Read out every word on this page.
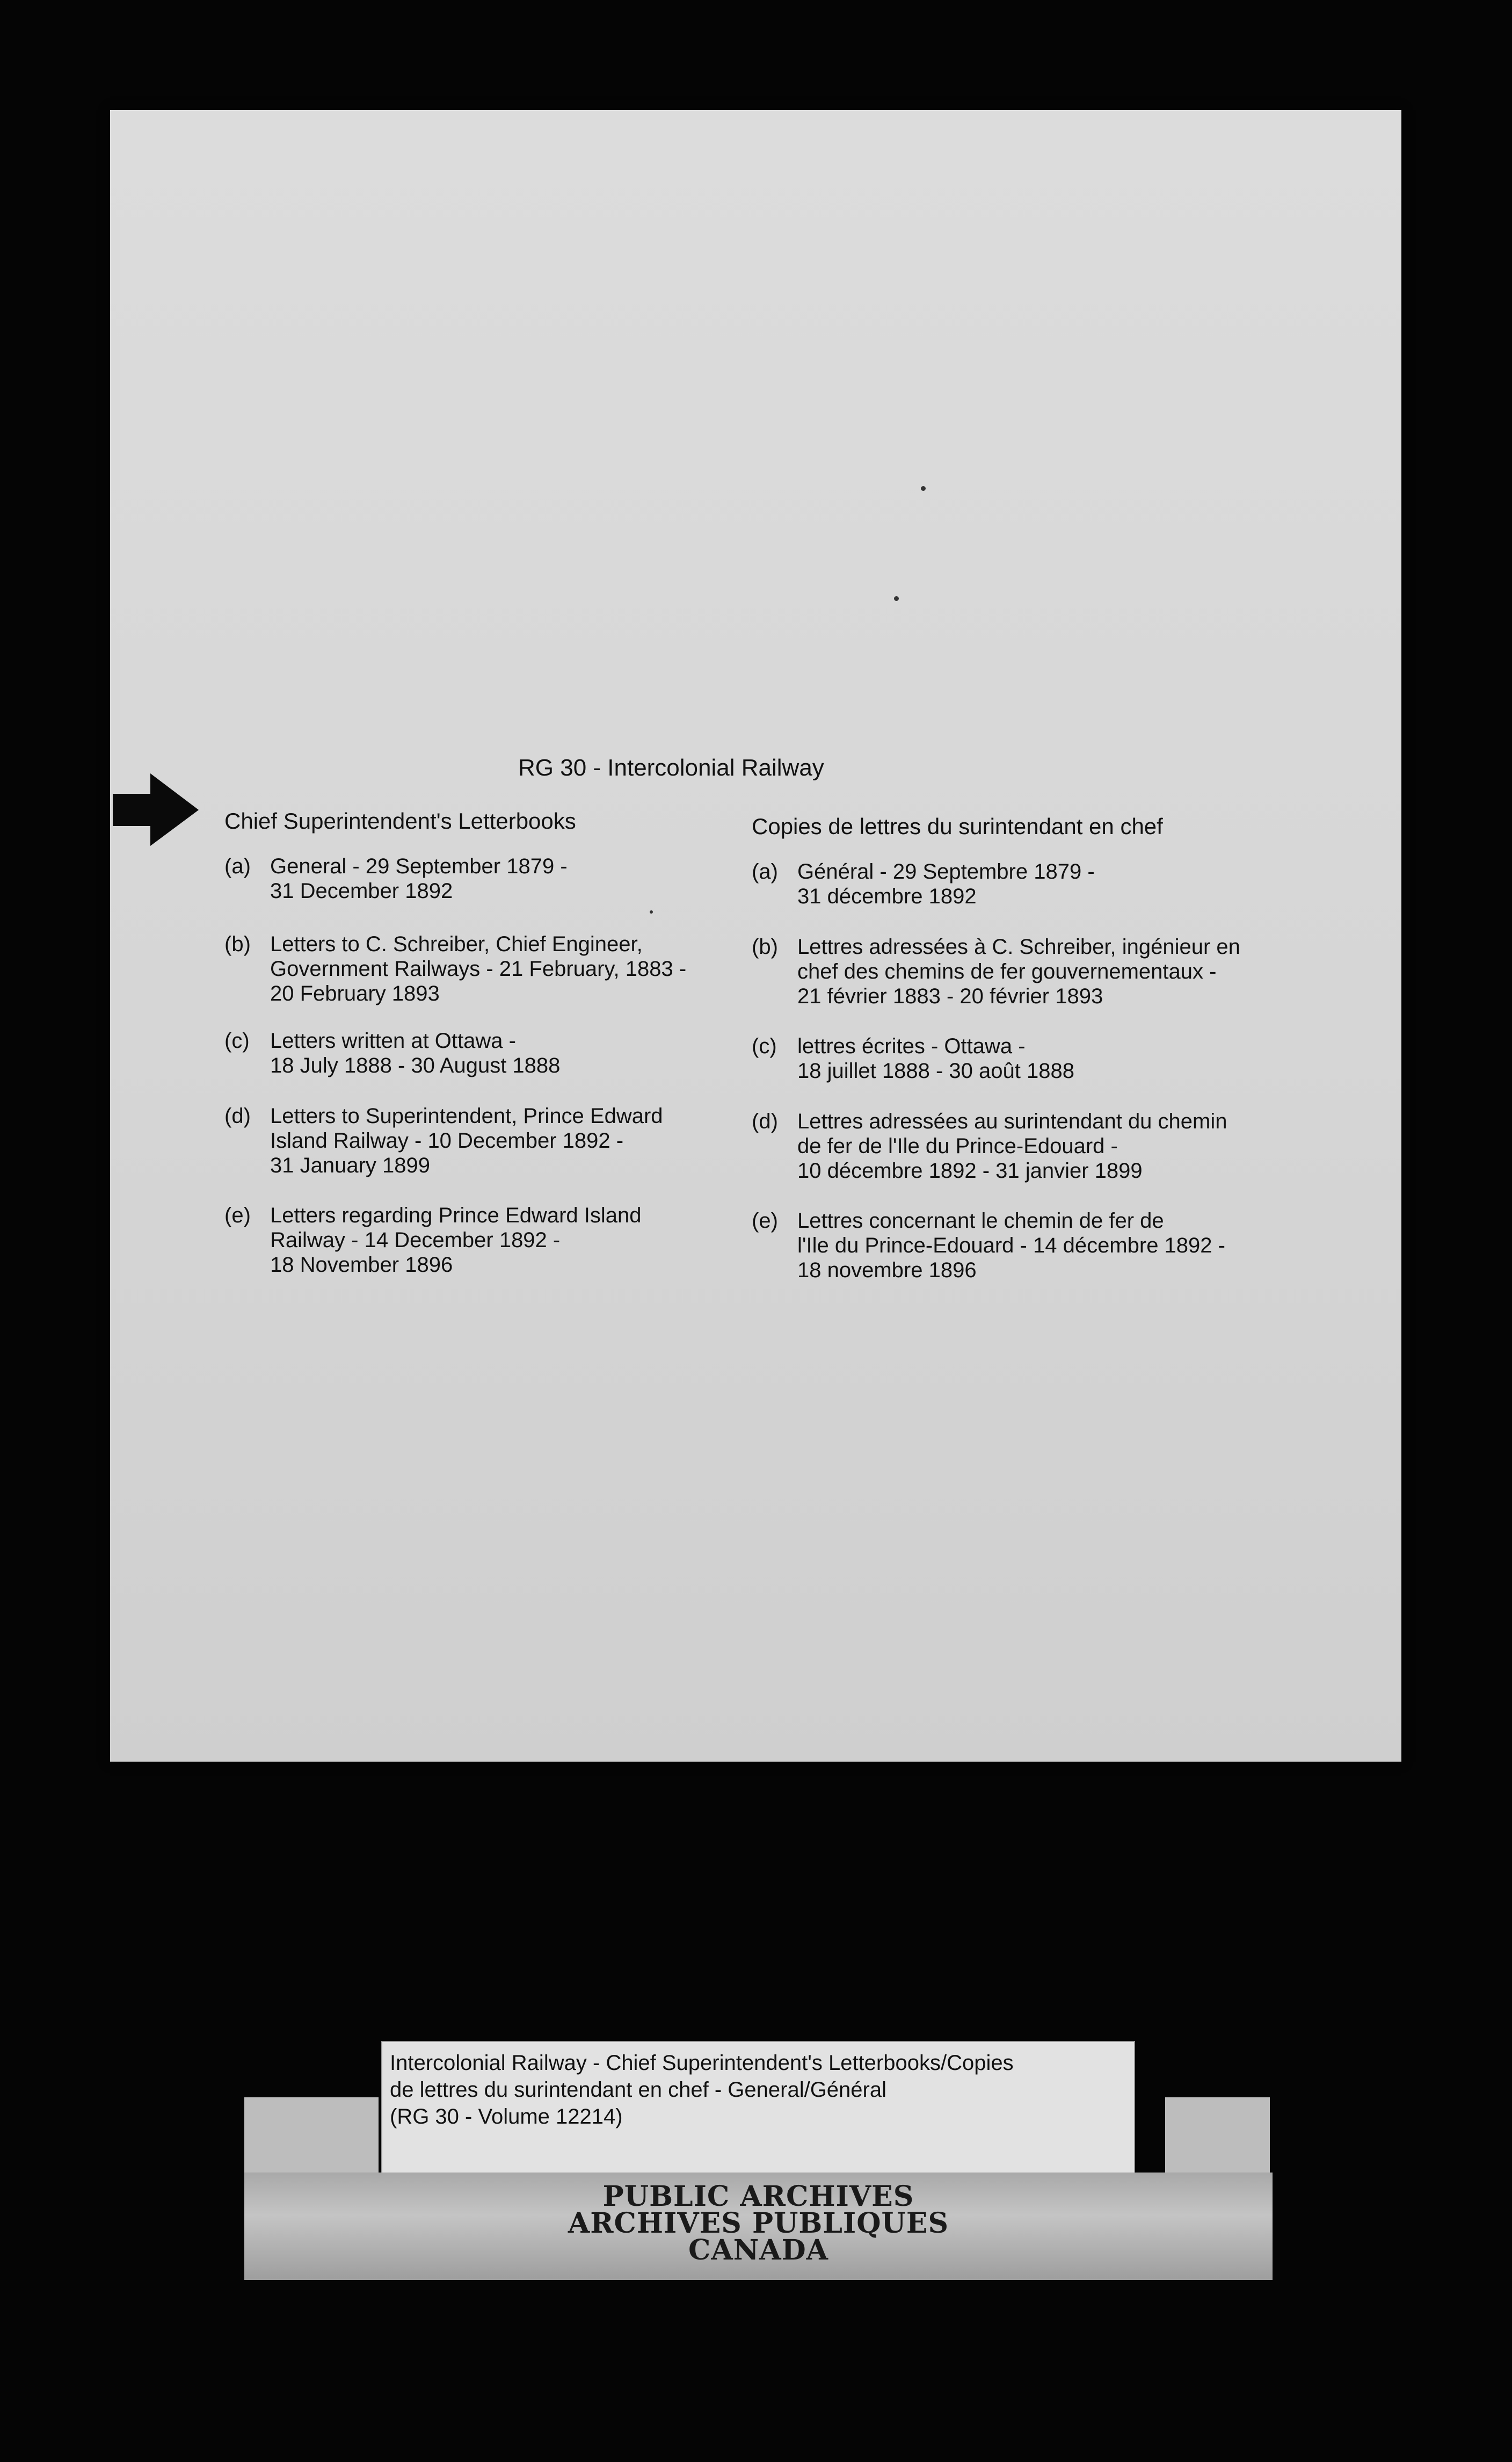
RG 30 - Intercolonial Railway
Chief Superintendent's Letterbooks	Copies de lettres du surintendant en chef
(a) General - 29 September 1879 -
31 December 1892
(b) Letters to C. Schreiber, Chief Engineer,
Government Railways - 21 February, 1883 -
20 February 1893
(c) Letters written at Ottawa -
18 July 1888 - 30 August 1888
(d) Letters to Superintendent, Prince Edward
Island Railway - 10 December 1892 -
31 January 1899
(e) Letters regarding Prince Edward Island
Railway - 14 December 1892 -
18 November 1896
(a) Général - 29 Septembre 1879 -
31 décembre 1892
(b) Lettres adressées à C. Schreiber, ingénieur en
chef des chemins de fer gouvernementaux -
21 février 1883 - 20 février 1893
(c) lettres écrites - Ottawa -
18 juillet 1888 - 30 août 1888
(d) Lettres adressées au surintendant du chemin
de fer de l'Ile du Prince-Edouard -
10 décembre 1892 - 31 janvier 1899
(e) Lettres concernant le chemin de fer de
l'Ile du Prince-Edouard - 14 décembre 1892 -
18 novembre 1896
Intercolonial Railway - Chief Superintendent's Letterbooks/Copies
de lettres du surintendant en chef - General/Général
(RG 30 - Volume 12214)
PUBLIC ARCHIVES
ARCHIVES PUBLIQUES
CANADA
